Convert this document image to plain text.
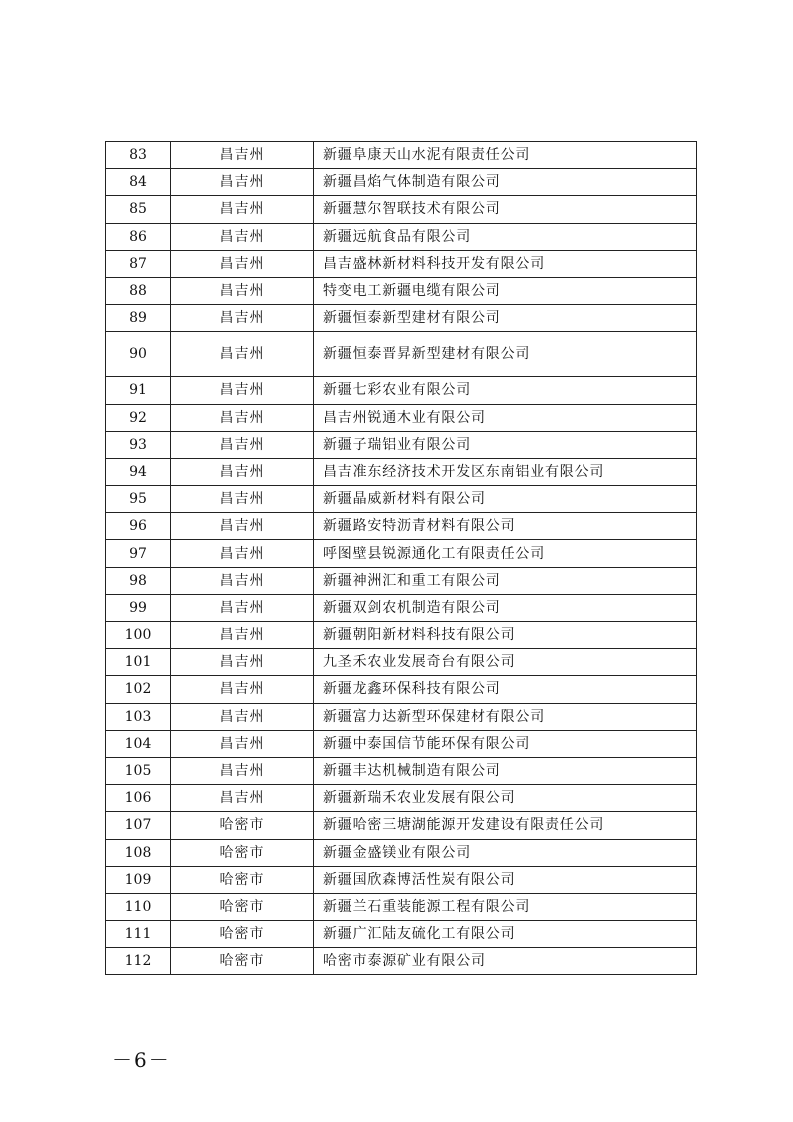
83	昌吉州	新疆阜康天山水泥有限责任公司
84	昌吉州	新疆昌焰气体制造有限公司
85	昌吉州	新疆慧尔智联技术有限公司
86	昌吉州	新疆远航食品有限公司
87	昌吉州	昌吉盛林新材料科技开发有限公司
88	昌吉州	特变电工新疆电缆有限公司
89	昌吉州	新疆恒泰新型建材有限公司
90	昌吉州	新疆恒泰晋昇新型建材有限公司
91	昌吉州	新疆七彩农业有限公司
92	昌吉州	昌吉州锐通木业有限公司
93	昌吉州	新疆子瑞铝业有限公司
94	昌吉州	昌吉准东经济技术开发区东南铝业有限公司
95	昌吉州	新疆晶威新材料有限公司
96	昌吉州	新疆路安特沥青材料有限公司
97	昌吉州	呼图壁县锐源通化工有限责任公司
98	昌吉州	新疆神洲汇和重工有限公司
99	昌吉州	新疆双剑农机制造有限公司
100	昌吉州	新疆朝阳新材料科技有限公司
101	昌吉州	九圣禾农业发展奇台有限公司
102	昌吉州	新疆龙鑫环保科技有限公司
103	昌吉州	新疆富力达新型环保建材有限公司
104	昌吉州	新疆中泰国信节能环保有限公司
105	昌吉州	新疆丰达机械制造有限公司
106	昌吉州	新疆新瑞禾农业发展有限公司
107	哈密市	新疆哈密三塘湖能源开发建设有限责任公司
108	哈密市	新疆金盛镁业有限公司
109	哈密市	新疆国欣森博活性炭有限公司
110	哈密市	新疆兰石重装能源工程有限公司
111	哈密市	新疆广汇陆友硫化工有限公司
112	哈密市	哈密市泰源矿业有限公司
－6－
